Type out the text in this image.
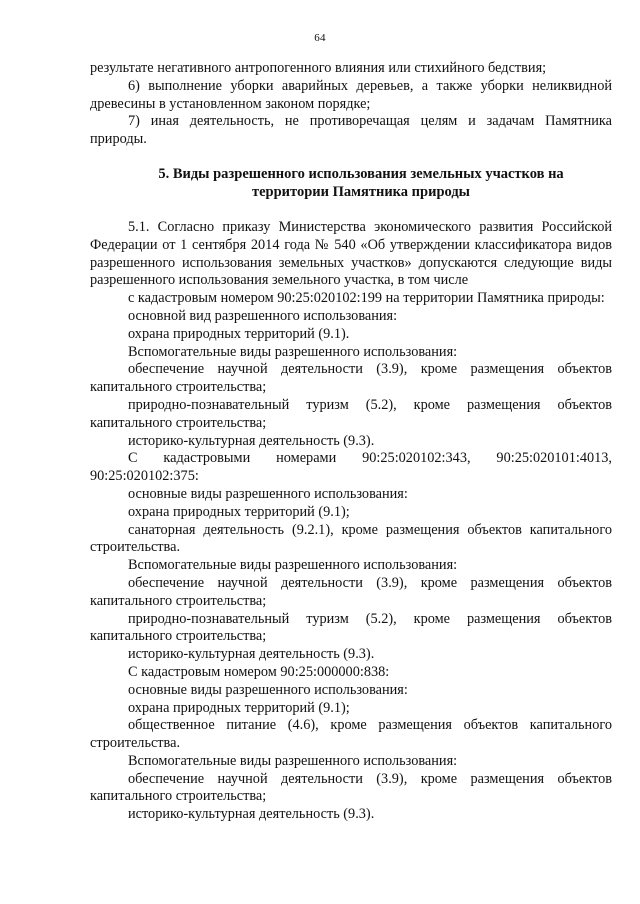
64

результате негативного антропогенного влияния или стихийного бедствия;

6) выполнение уборки аварийных деревьев, а также уборки неликвидной древесины в установленном законом порядке;

7) иная деятельность, не противоречащая целям и задачам Памятника природы.

5. Виды разрешенного использования земельных участков на
территории Памятника природы

5.1. Согласно приказу Министерства экономического развития Российской Федерации от 1 сентября 2014 года № 540 «Об утверждении классификатора видов разрешенного использования земельных участков» допускаются следующие виды разрешенного использования земельного участка, в том числе

с кадастровым номером 90:25:020102:199 на территории Памятника природы:

основной вид разрешенного использования:

охрана природных территорий (9.1).

Вспомогательные виды разрешенного использования:

обеспечение научной деятельности (3.9), кроме размещения объектов капитального строительства;

природно-познавательный туризм (5.2), кроме размещения объектов капитального строительства;

историко-культурная деятельность (9.3).

С кадастровыми номерами 90:25:020102:343, 90:25:020101:4013, 90:25:020102:375:

основные виды разрешенного использования:

охрана природных территорий (9.1);

санаторная деятельность (9.2.1), кроме размещения объектов капитального строительства.

Вспомогательные виды разрешенного использования:

обеспечение научной деятельности (3.9), кроме размещения объектов капитального строительства;

природно-познавательный туризм (5.2), кроме размещения объектов капитального строительства;

историко-культурная деятельность (9.3).

С кадастровым номером 90:25:000000:838:

основные виды разрешенного использования:

охрана природных территорий (9.1);

общественное питание (4.6), кроме размещения объектов капитального строительства.

Вспомогательные виды разрешенного использования:

обеспечение научной деятельности (3.9), кроме размещения объектов капитального строительства;

историко-культурная деятельность (9.3).
